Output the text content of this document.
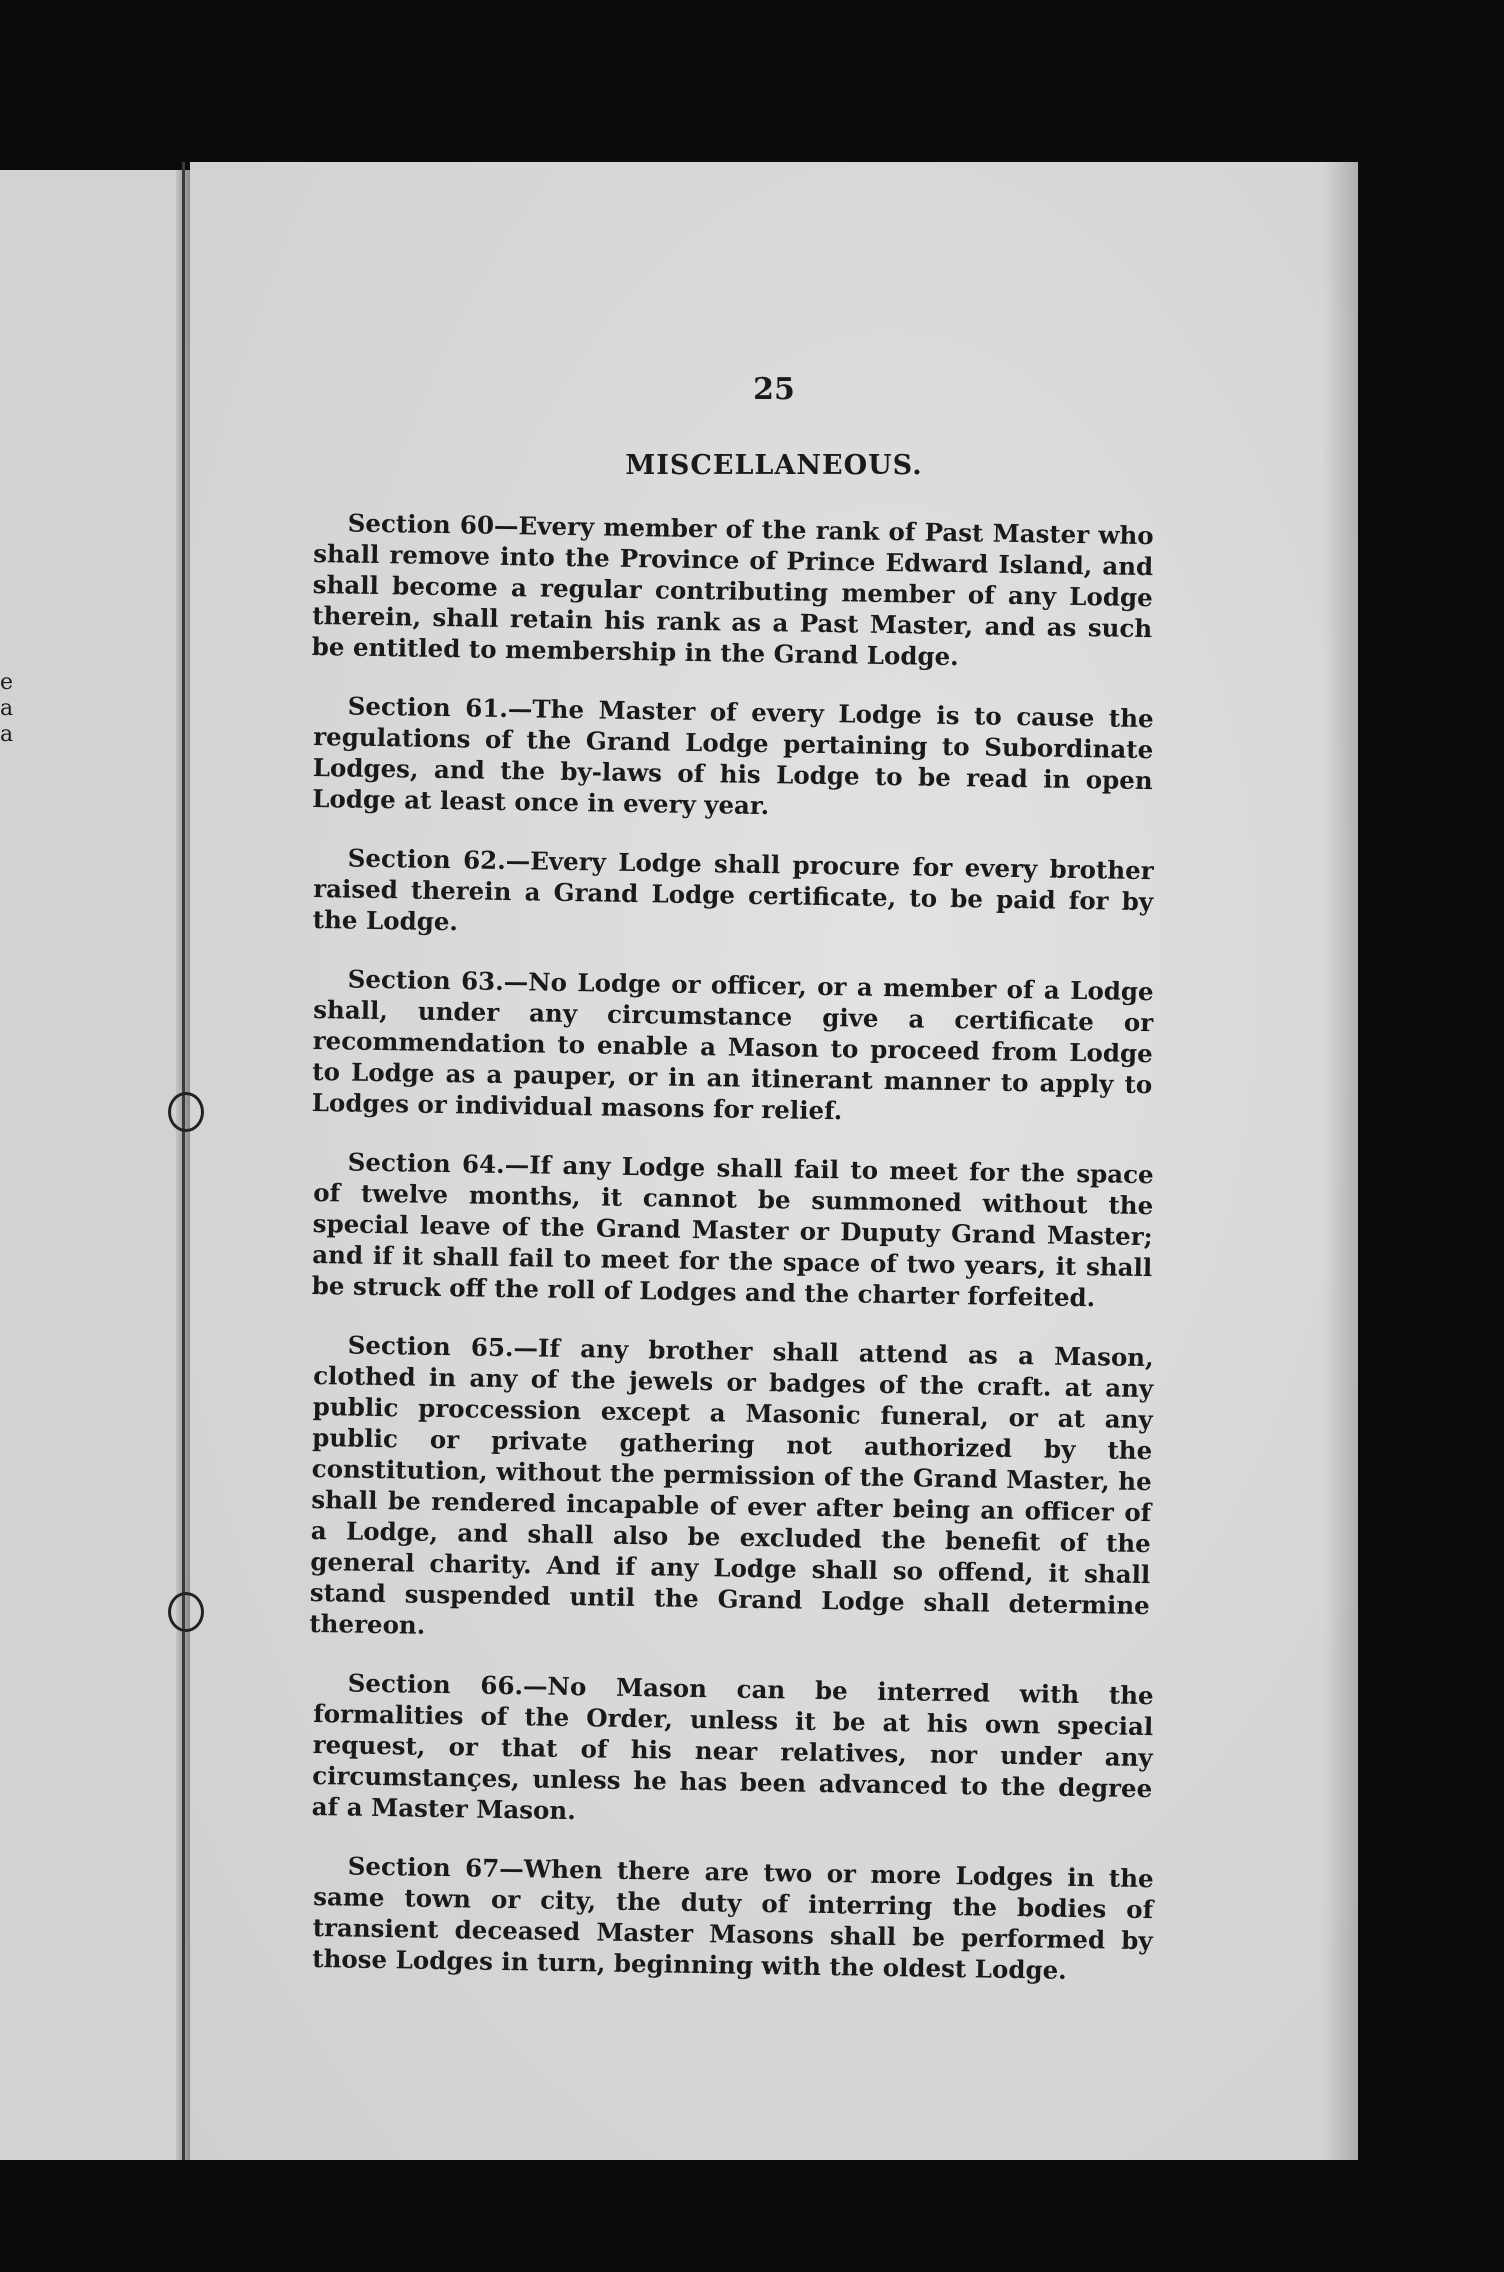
e
a
a
25
MISCELLANEOUS.

Section 60—Every member of the rank of Past Master who shall remove into the Province of Prince Edward Island, and shall become a regular contributing member of any Lodge therein, shall retain his rank as a Past Master, and as such be entitled to membership in the Grand Lodge.

Section 61.—The Master of every Lodge is to cause the regulations of the Grand Lodge pertaining to Subordinate Lodges, and the by-laws of his Lodge to be read in open Lodge at least once in every year.

Section 62.—Every Lodge shall procure for every brother raised therein a Grand Lodge certificate, to be paid for by the Lodge.

Section 63.—No Lodge or officer, or a member of a Lodge shall, under any circumstance give a certificate or recommendation to enable a Mason to proceed from Lodge to Lodge as a pauper, or in an itinerant manner to apply to Lodges or individual masons for relief.

Section 64.—If any Lodge shall fail to meet for the space of twelve months, it cannot be summoned without the special leave of the Grand Master or Duputy Grand Master; and if it shall fail to meet for the space of two years, it shall be struck off the roll of Lodges and the charter forfeited.

Section 65.—If any brother shall attend as a Mason, clothed in any of the jewels or badges of the craft. at any public proccession except a Masonic funeral, or at any public or private gathering not authorized by the constitution, without the permission of the Grand Master, he shall be rendered incapable of ever after being an officer of a Lodge, and shall also be excluded the benefit of the general charity. And if any Lodge shall so offend, it shall stand suspended until the Grand Lodge shall determine thereon.

Section 66.—No Mason can be interred with the formalities of the Order, unless it be at his own special request, or that of his near relatives, nor under any circumstanҫes, unless he has been advanced to the degree af a Master Mason.

Section 67—When there are two or more Lodges in the same town or city, the duty of interring the bodies of transient deceased Master Masons shall be performed by those Lodges in turn, beginning with the oldest Lodge.
